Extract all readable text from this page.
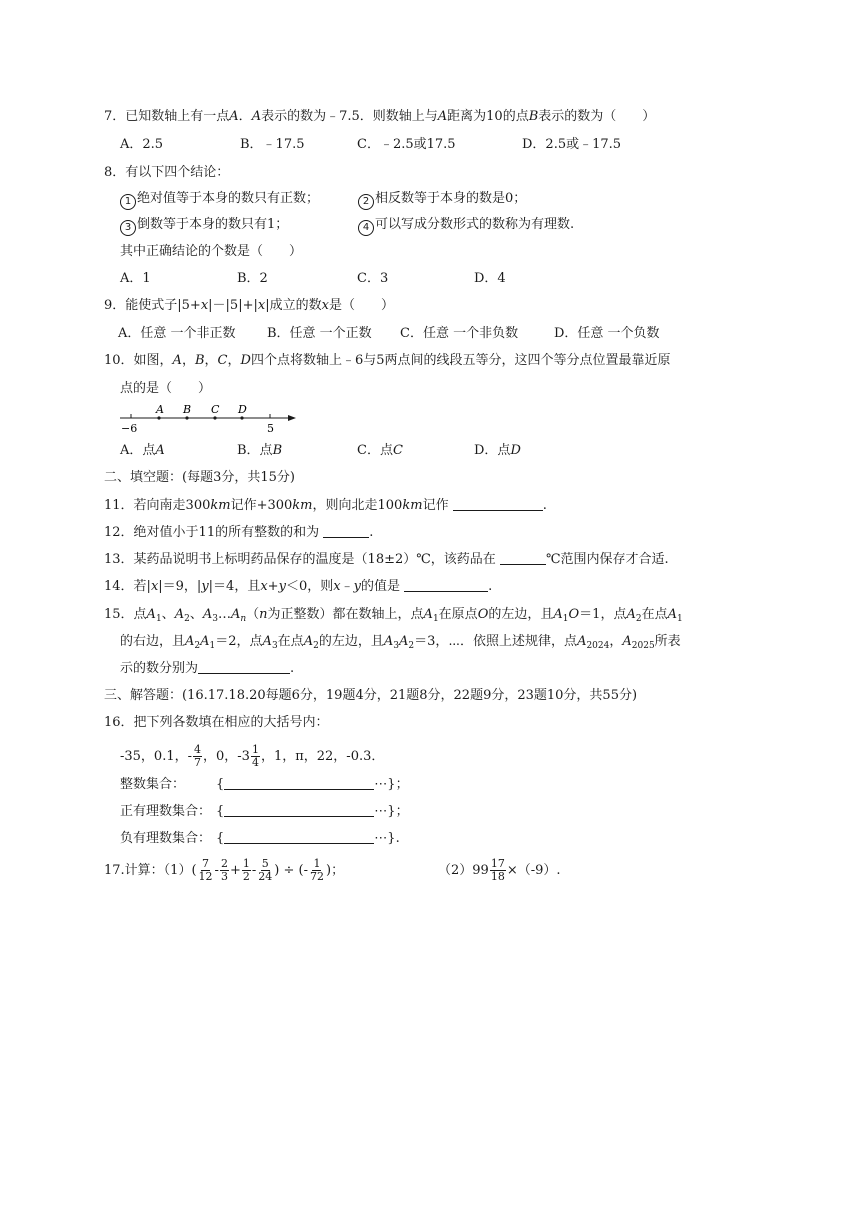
7．已知数轴上有一点A．A表示的数为﹣7.5．则数轴上与A距离为10的点B表示的数为（　　）
A．2.5	B．﹣17.5	C．﹣2.5或17.5	D．2.5或﹣17.5
8．有以下四个结论：
1 绝对值等于本身的数只有正数；	2 相反数等于本身的数是0；
3 倒数等于本身的数只有1；	4 可以写成分数形式的数称为有理数.
其中正确结论的个数是（　　）
A．1	B．2	C．3	D．4
9．能使式子|5+x|－|5|+|x|成立的数x是（　　）
A．任意 一个非正数 B．任意 一个正数 C．任意 一个非负数	D．任意 一个负数
10．如图，A，B，C，D四个点将数轴上﹣6与5两点间的线段五等分，这四个等分点位置最靠近原
点的是（　　）
A B C D
−6	5
A．点A	B．点B	C．点C	D．点D
二、填空题：(每题3分，共15分)
11．若向南走300km记作+300km，则向北走100km记作	.
12．绝对值小于11的所有整数的和为	.
13．某药品说明书上标明药品保存的温度是（18±2）℃，该药品在	℃范围内保存才合适.
14．若|x|＝9，|y|＝4，且x+y＜0，则x﹣y的值是	.
15．点$A_1$、$A_2$、$A_3\dots A_n(n$为正整数）都在数轴上，点$A_1$在原点O的左边，且$A_1O=1$，点$A_2$在点$A_1$
的右边，且$A_2A_1=2$，点$A_3$在点$A_2$的左边，且$A_3A_2=3$，⋯．依照上述规律，点$A_{2024}$，$A_{2025}$所表
示的数分别为	.
三、解答题：(16.17.18.20每题6分，19题4分，21题8分，22题9分，23题10分，共55分)
16．把下列各数填在相应的大括号内：
-35，0.1，- $\frac{4}{7}$ ，0，$-3 \frac{1}{4}$ ，1，π，22，-0.3．
整数集合： {	⋯}；
正有理数集合： {	⋯}；
负有理数集合： {	⋯}.
17.计算：$(1)( \frac{7}{12} - \frac{2}{3} + \frac{1}{2} - \frac{5}{24}$ ) ÷ (- $\frac{1}{72}$ )；	$(2)99 \frac{17}{18} \times(-9)$.
